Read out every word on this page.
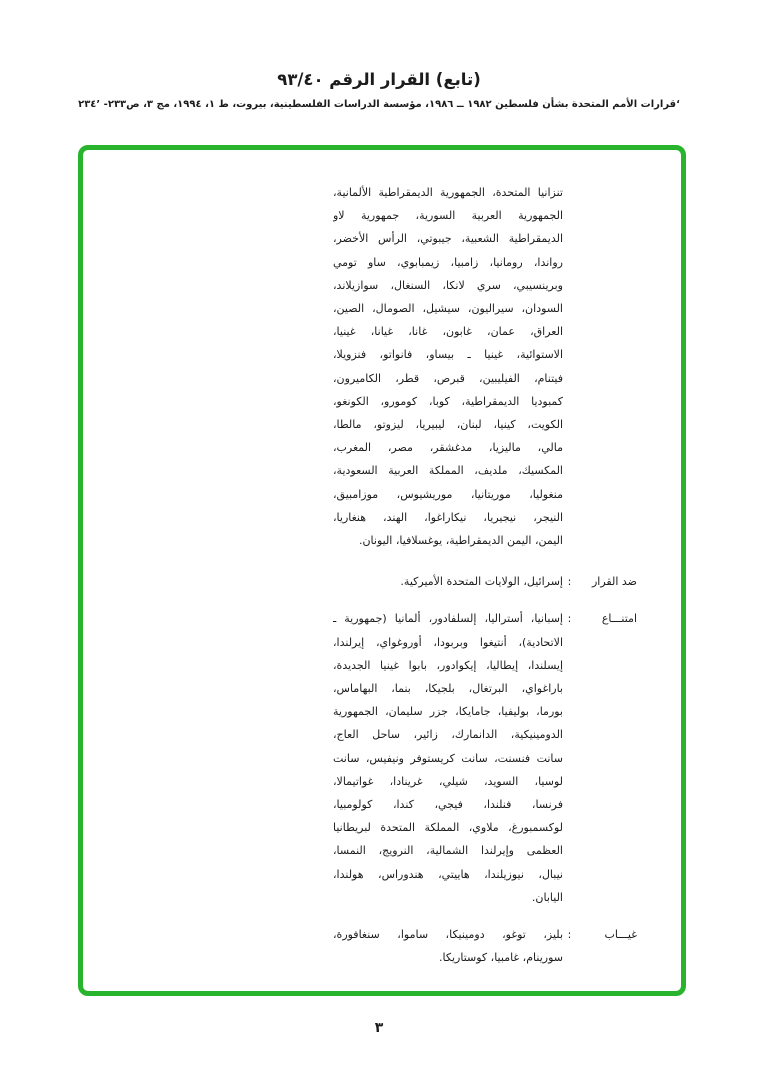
(تابع) القرار الرقم ٩٣/٤٠
ʻقرارات الأمم المتحدة بشأن فلسطين ١٩٨٢ ــ ١٩٨٦، مؤسسة الدراسات الفلسطينية، بيروت، ط ١، ١٩٩٤، مج ٣، ص٢٣٣- ٢٣٤ʼ
تنزانيا المتحدة، الجمهورية الديمقراطية الألمانية،
الجمهورية العربية السورية، جمهورية لاو
الديمقراطية الشعبية، جيبوتي، الرأس الأخضر،
رواندا، رومانيا، زامبيا، زيمبابوي، ساو تومي
وبرينسيبي، سري لانكا، السنغال، سوازيلاند،
السودان، سيراليون، سيشيل، الصومال، الصين،
العراق، عمان، غابون، غانا، غيانا، غينيا،
الاستوائية، غينيا ـ بيساو، فانواتو، فنزويلا،
فيتنام، الفيليبين، قبرص، قطر، الكاميرون،
كمبوديا الديمقراطية، كوبا، كومورو، الكونغو،
الكويت، كينيا، لبنان، ليبيريا، ليزوتو، مالطا،
مالي، ماليزيا، مدغشقر، مصر، المغرب،
المكسيك، ملديف، المملكة العربية السعودية،
منغوليا، موريتانيا، موريشيوس، موزامبيق،
النيجر، نيجيريا، نيكاراغوا، الهند، هنغاريا،
اليمن، اليمن الديمقراطية، يوغسلافيا، اليونان.
ضد القرار
:
إسرائيل، الولايات المتحدة الأميركية.
امتنـــاع
:
إسبانيا، أستراليا، إلسلفادور، ألمانيا (جمهورية ـ
الاتحادية)، أنتيغوا وبربودا، أوروغواي، إيرلندا،
إيسلندا، إيطاليا، إيكوادور، بابوا غينيا الجديدة،
باراغواي، البرتغال، بلجيكا، بنما، البهاماس،
بورما، بوليفيا، جامايكا، جزر سليمان، الجمهورية
الدومينيكية، الدانمارك، زائير، ساحل العاج،
سانت فنسنت، سانت كريستوفر ونيفيس، سانت
لوسيا، السويد، شيلي، غرينادا، غواتيمالا،
فرنسا، فنلندا، فيجي، كندا، كولومبيا،
لوكسمبورغ، ملاوي، المملكة المتحدة لبريطانيا
العظمى وإيرلندا الشمالية، النرويج، النمسا،
نيبال، نيوزيلندا، هاييتي، هندوراس، هولندا،
اليابان.
غيـــاب
:
بليز، توغو، دومينيكا، ساموا، سنغافورة،
سورينام، غامبيا، كوستاريكا.
٣
